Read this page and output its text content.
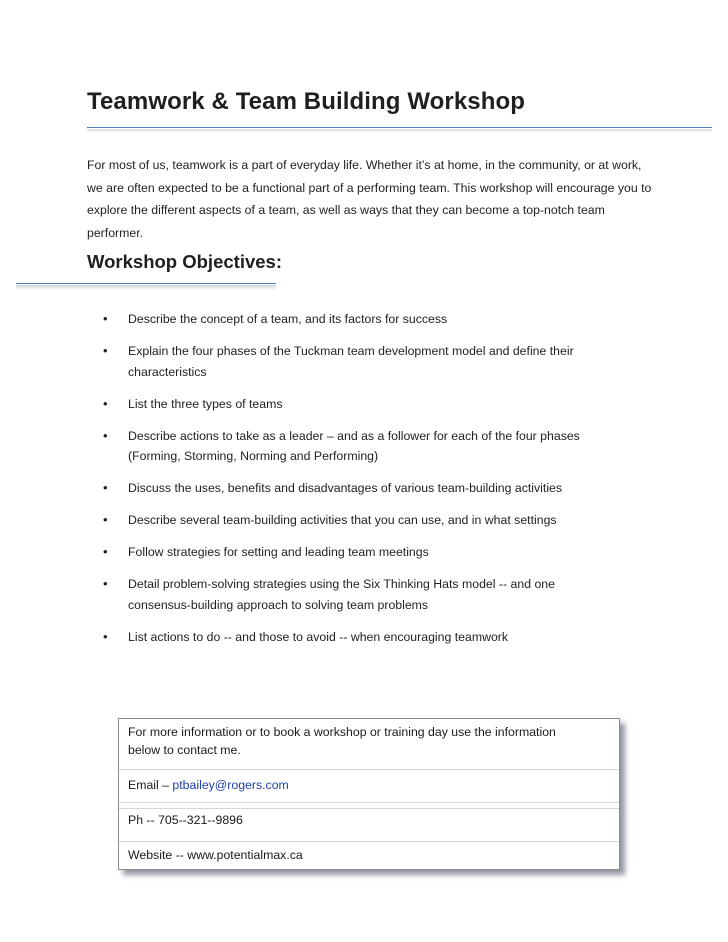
Teamwork & Team Building Workshop

For most of us, teamwork is a part of everyday life. Whether it’s at home, in the community, or at work, we are often expected to be a functional part of a performing team. This workshop will encourage you to explore the different aspects of a team, as well as ways that they can become a top-notch team performer.

Workshop Objectives:
• Describe the concept of a team, and its factors for success
• Explain the four phases of the Tuckman team development model and define their characteristics
• List the three types of teams
• Describe actions to take as a leader – and as a follower for each of the four phases (Forming, Storming, Norming and Performing)
• Discuss the uses, benefits and disadvantages of various team-building activities
• Describe several team-building activities that you can use, and in what settings
• Follow strategies for setting and leading team meetings
• Detail problem-solving strategies using the Six Thinking Hats model -- and one consensus-building approach to solving team problems
• List actions to do -- and those to avoid -- when encouraging teamwork
For more information or to book a workshop or training day use the information
below to contact me.
Email – ptbailey@rogers.com
Ph -- 705--321--9896
Website -- www.potentialmax.ca
